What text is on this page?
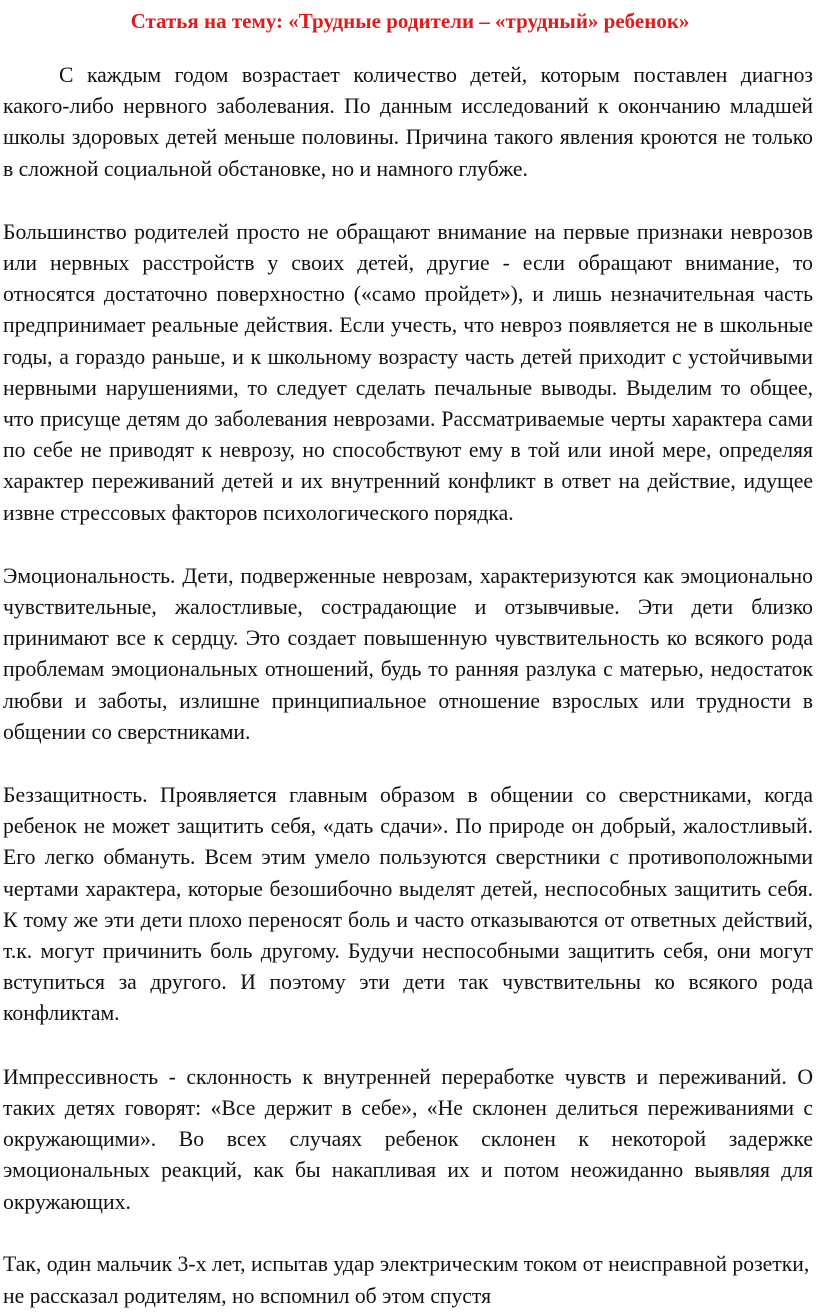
Статья на тему: «Трудные родители – «трудный» ребенок»

С каждым годом возрастает количество детей, которым поставлен диагноз какого-либо нервного заболевания. По данным исследований к окончанию младшей школы здоровых детей меньше половины. Причина такого явления кроются не только в сложной социальной обстановке, но и намного глубже.

Большинство родителей просто не обращают внимание на первые признаки неврозов или нервных расстройств у своих детей, другие - если обращают внимание, то относятся достаточно поверхностно («само пройдет»), и лишь незначительная часть предпринимает реальные действия. Если учесть, что невроз появляется не в школьные годы, а гораздо раньше, и к школьному возрасту часть детей приходит с устойчивыми нервными нарушениями, то следует сделать печальные выводы. Выделим то общее, что присуще детям до заболевания неврозами. Рассматриваемые черты характера сами по себе не приводят к неврозу, но способствуют ему в той или иной мере, определяя характер переживаний детей и их внутренний конфликт в ответ на действие, идущее извне стрессовых факторов психологического порядка.

Эмоциональность. Дети, подверженные неврозам, характеризуются как эмоционально чувствительные, жалостливые, сострадающие и отзывчивые. Эти дети близко принимают все к сердцу. Это создает повышенную чувствительность ко всякого рода проблемам эмоциональных отношений, будь то ранняя разлука с матерью, недостаток любви и заботы, излишне принципиальное отношение взрослых или трудности в общении со сверстниками.

Беззащитность. Проявляется главным образом в общении со сверстниками, когда ребенок не может защитить себя, «дать сдачи». По природе он добрый, жалостливый. Его легко обмануть. Всем этим умело пользуются сверстники с противоположными чертами характера, которые безошибочно выделят детей, неспособных защитить себя. К тому же эти дети плохо переносят боль и часто отказываются от ответных действий, т.к. могут причинить боль другому. Будучи неспособными защитить себя, они могут вступиться за другого. И поэтому эти дети так чувствительны ко всякого рода конфликтам.

Импрессивность - склонность к внутренней переработке чувств и переживаний. О таких детях говорят: «Все держит в себе», «Не склонен делиться переживаниями с окружающими». Во всех случаях ребенок склонен к некоторой задержке эмоциональных реакций, как бы накапливая их и потом неожиданно выявляя для окружающих.

Так, один мальчик 3-х лет, испытав удар электрическим током от неисправной розетки, не рассказал родителям, но вспомнил об этом спустя
